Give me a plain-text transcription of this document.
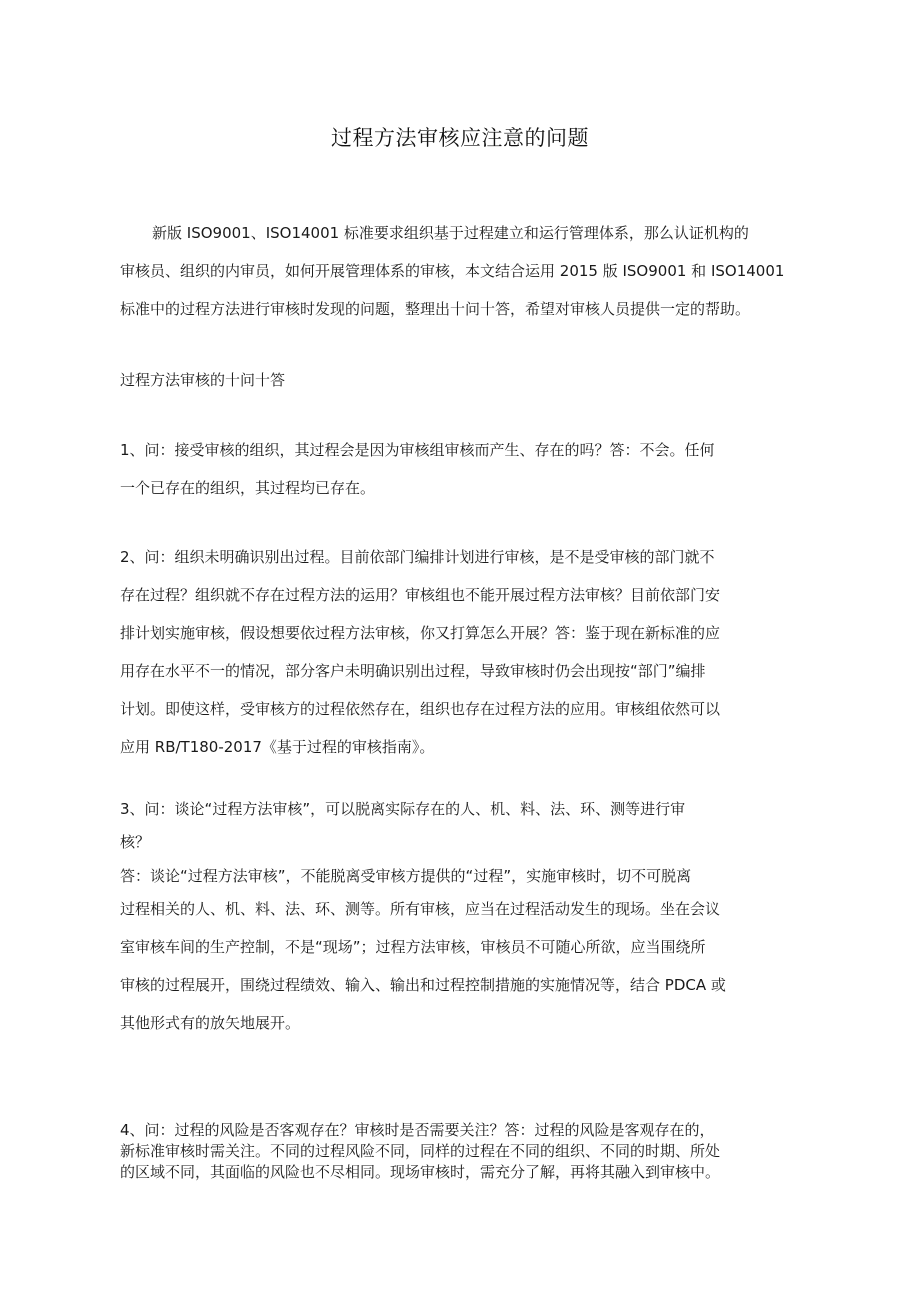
过程方法审核应注意的问题
新版 ISO9001、ISO14001 标准要求组织基于过程建立和运行管理体系，那么认证机构的
审核员、组织的内审员，如何开展管理体系的审核，本文结合运用 2015 版 ISO9001 和 ISO14001
标准中的过程方法进行审核时发现的问题，整理出十问十答，希望对审核人员提供一定的帮助。
过程方法审核的十问十答
1、问：接受审核的组织，其过程会是因为审核组审核而产生、存在的吗？答：不会。任何
一个已存在的组织，其过程均已存在。
2、问：组织未明确识别出过程。目前依部门编排计划进行审核，是不是受审核的部门就不
存在过程？组织就不存在过程方法的运用？审核组也不能开展过程方法审核？目前依部门安
排计划实施审核，假设想要依过程方法审核，你又打算怎么开展？答：鉴于现在新标准的应
用存在水平不一的情况，部分客户未明确识别出过程，导致审核时仍会出现按“部门”编排
计划。即使这样，受审核方的过程依然存在，组织也存在过程方法的应用。审核组依然可以
应用 RB/T180-2017《基于过程的审核指南》。
3、问：谈论“过程方法审核”，可以脱离实际存在的人、机、料、法、环、测等进行审
核？
答：谈论“过程方法审核”，不能脱离受审核方提供的“过程”，实施审核时，切不可脱离
过程相关的人、机、料、法、环、测等。所有审核，应当在过程活动发生的现场。坐在会议
室审核车间的生产控制，不是“现场”；过程方法审核，审核员不可随心所欲，应当围绕所
审核的过程展开，围绕过程绩效、输入、输出和过程控制措施的实施情况等，结合 PDCA 或
其他形式有的放矢地展开。
4、问：过程的风险是否客观存在？审核时是否需要关注？答：过程的风险是客观存在的，
新标准审核时需关注。不同的过程风险不同，同样的过程在不同的组织、不同的时期、所处
的区域不同，其面临的风险也不尽相同。现场审核时，需充分了解，再将其融入到审核中。
